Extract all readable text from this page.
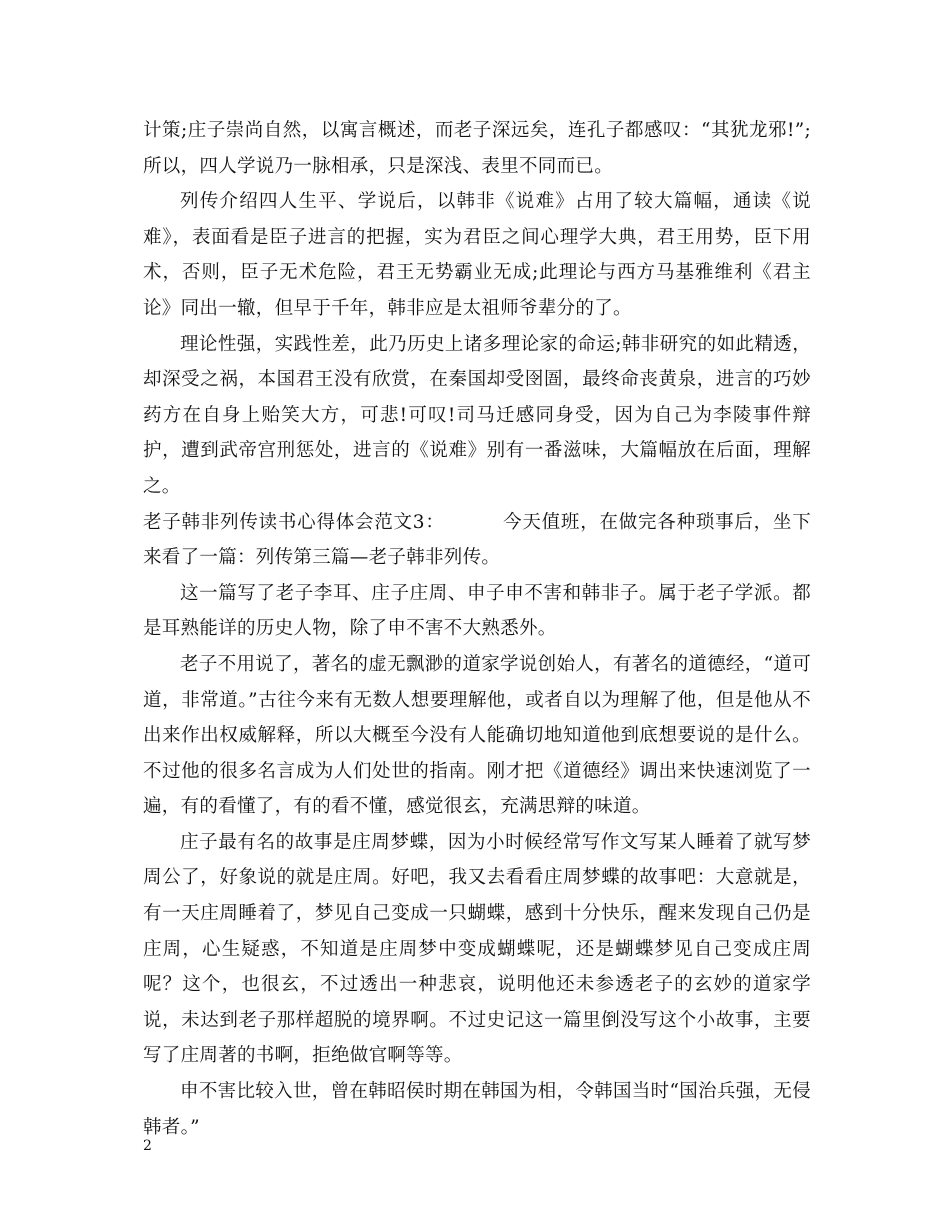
计策;庄子崇尚自然，以寓言概述，而老子深远矣，连孔子都感叹：“其犹龙邪!”;所以，四人学说乃一脉相承，只是深浅、表里不同而已。

列传介绍四人生平、学说后，以韩非《说难》占用了较大篇幅，通读《说难》，表面看是臣子进言的把握，实为君臣之间心理学大典，君王用势，臣下用术，否则，臣子无术危险，君王无势霸业无成;此理论与西方马基雅维利《君主论》同出一辙，但早于千年，韩非应是太祖师爷辈分的了。

理论性强，实践性差，此乃历史上诸多理论家的命运;韩非研究的如此精透，却深受之祸，本国君王没有欣赏，在秦国却受囹圄，最终命丧黄泉，进言的巧妙药方在自身上贻笑大方，可悲!可叹!司马迁感同身受，因为自己为李陵事件辩护，遭到武帝宫刑惩处，进言的《说难》别有一番滋味，大篇幅放在后面，理解之。

老子韩非列传读书心得体会范文3：	今天值班，在做完各种琐事后，坐下来看了一篇：列传第三篇—老子韩非列传。

这一篇写了老子李耳、庄子庄周、申子申不害和韩非子。属于老子学派。都是耳熟能详的历史人物，除了申不害不大熟悉外。

老子不用说了，著名的虚无飘渺的道家学说创始人，有著名的道德经，“道可道，非常道。”古往今来有无数人想要理解他，或者自以为理解了他，但是他从不出来作出权威解释，所以大概至今没有人能确切地知道他到底想要说的是什么。不过他的很多名言成为人们处世的指南。刚才把《道德经》调出来快速浏览了一遍，有的看懂了，有的看不懂，感觉很玄，充满思辩的味道。

庄子最有名的故事是庄周梦蝶，因为小时候经常写作文写某人睡着了就写梦周公了，好象说的就是庄周。好吧，我又去看看庄周梦蝶的故事吧：大意就是，有一天庄周睡着了，梦见自己变成一只蝴蝶，感到十分快乐，醒来发现自己仍是庄周，心生疑惑，不知道是庄周梦中变成蝴蝶呢，还是蝴蝶梦见自己变成庄周呢？这个，也很玄，不过透出一种悲哀，说明他还未参透老子的玄妙的道家学说，未达到老子那样超脱的境界啊。不过史记这一篇里倒没写这个小故事，主要写了庄周著的书啊，拒绝做官啊等等。

申不害比较入世，曾在韩昭侯时期在韩国为相，令韩国当时“国治兵强，无侵韩者。”

2
